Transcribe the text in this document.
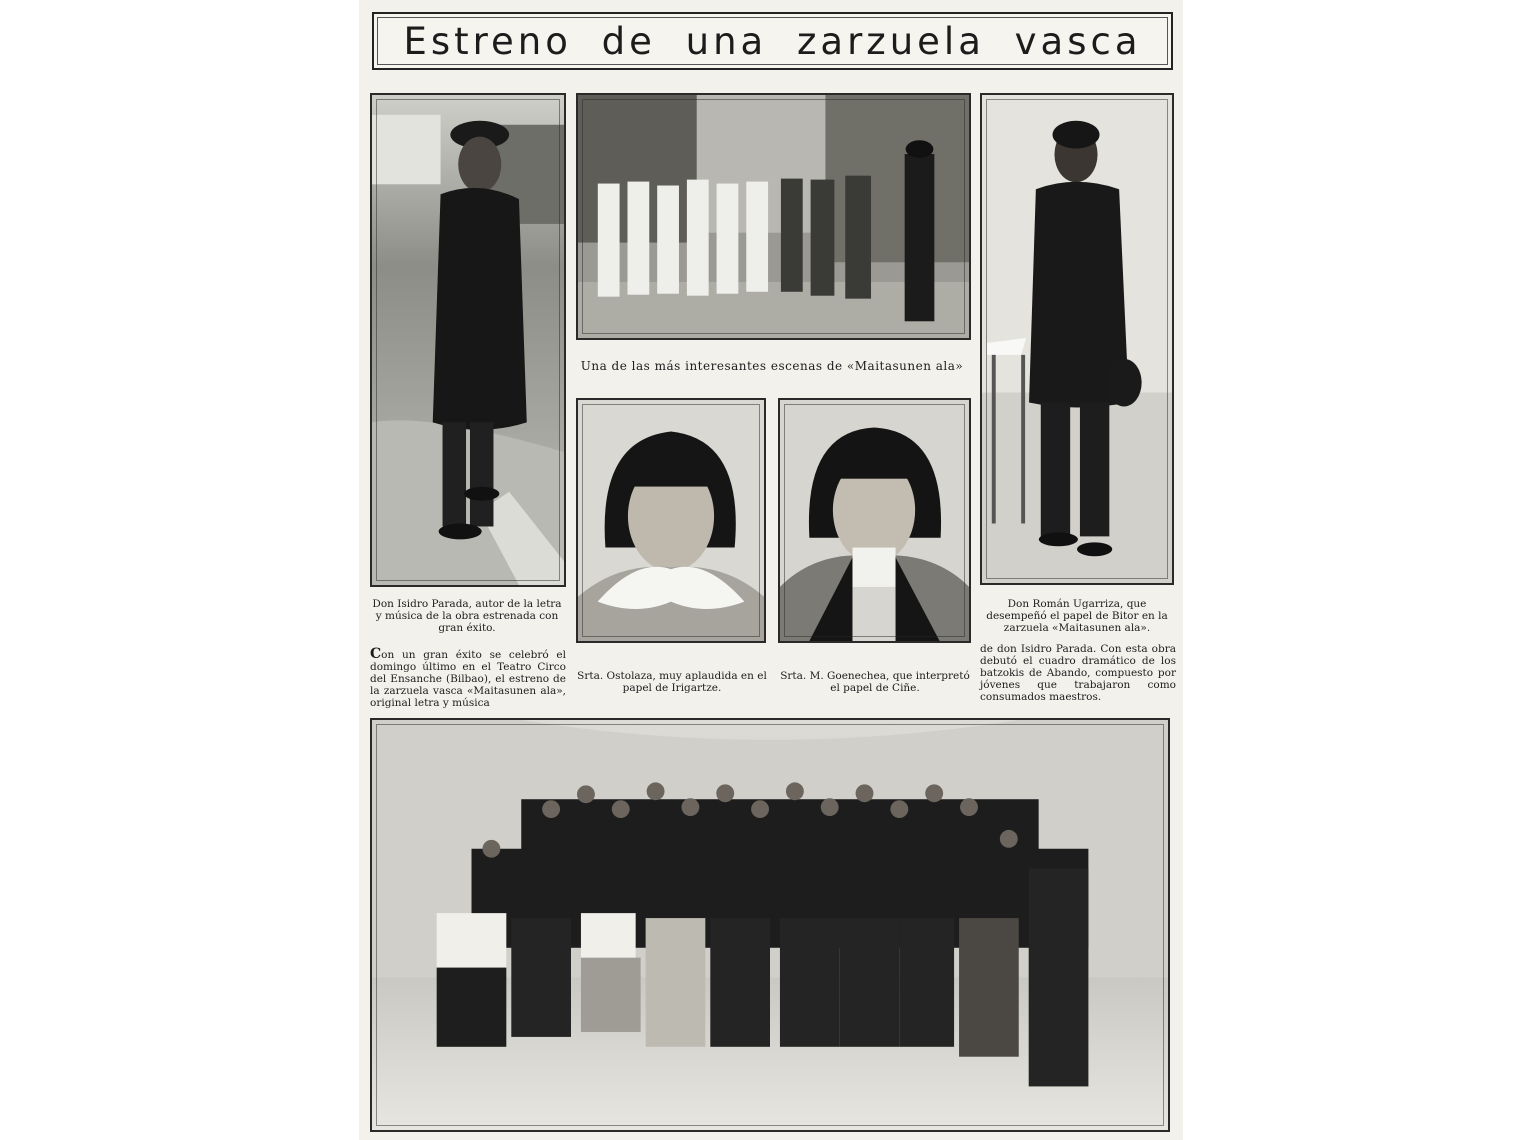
Estreno de una zarzuela vasca
Una de las más interesantes escenas de «Maitasunen ala»
Srta. Ostolaza, muy aplaudida en el papel de Irigartze.
Srta. M. Goenechea, que interpretó el papel de Ciñe.
Don Isidro Parada, autor de la letra y música de la obra estrenada con gran éxito.
Don Román Ugarriza, que desempeñó el papel de Bitor en la zarzuela «Maitasunen ala».
Con un gran éxito se celebró el domingo último en el Teatro Circo del Ensanche (Bilbao), el estreno de la zarzuela vasca «Maitasunen ala», original letra y música
de don Isidro Parada. Con esta obra debutó el cuadro dramático de los batzokis de Abando, compuesto por jóvenes que trabajaron como consumados maestros.
